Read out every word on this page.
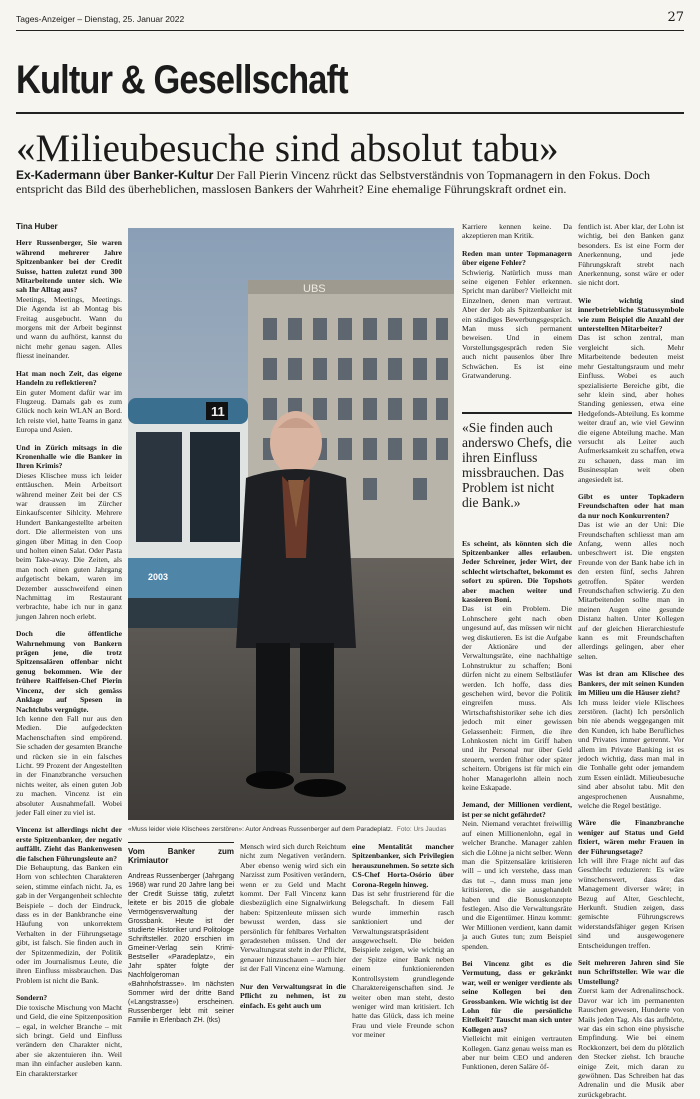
Tages-Anzeiger – Dienstag, 25. Januar 2022	27
Kultur & Gesellschaft
«Milieubesuche sind absolut tabu»
Ex-Kadermann über Banker-Kultur Der Fall Pierin Vincenz rückt das Selbstverständnis von Topmanagern in den Fokus. Doch entspricht das Bild des überheblichen, masslosen Bankers der Wahrheit? Eine ehemalige Führungskraft ordnet ein.
Tina Huber

Herr Russenberger, Sie waren während mehrerer Jahre Spitzenbanker bei der Credit Suisse, hatten zuletzt rund 300 Mitarbeitende unter sich. Wie sah Ihr Alltag aus?

Meetings, Meetings, Meetings. Die Agenda ist ab Montag bis Freitag ausgebucht. Wann du morgens mit der Arbeit beginnst und wann du aufhörst, kannst du nicht mehr genau sagen. Alles fliesst ineinander.

Hat man noch Zeit, das eigene Handeln zu reflektieren?

Ein guter Moment dafür war im Flugzeug. Damals gab es zum Glück noch kein WLAN an Bord. Ich reiste viel, hatte Teams in ganz Europa und Asien.

Und in Zürich mitsags in die Kronenhalle wie die Banker in Ihren Krimis?

Dieses Klischee muss ich leider enttäuschen. Mein Arbeitsort während meiner Zeit bei der CS war draussen im Zürcher Einkaufscenter Sihlcity. Mehrere Hundert Bankangestellte arbeiten dort. Die allermeisten von uns gingen über Mittag in den Coop und holten einen Salat. Oder Pasta beim Take-away. Die Zeiten, als man noch einen guten Jahrgang aufgetischt bekam, waren im Dezember ausschweifend einen Nachmittag im Restaurant verbrachte, habe ich nur in ganz jungen Jahren noch erlebt.

Doch die öffentliche Wahrnehmung von Bankern prägen jene, die trotz Spitzensalären offenbar nicht genug bekommen. Wie der frühere Raiffeisen-Chef Pierin Vincenz, der sich gemäss Anklage auf Spesen in Nachtclubs vergnügte.

Ich kenne den Fall nur aus den Medien. Die aufgedeckten Machenschaften sind empörend. Sie schaden der gesamten Branche und rücken sie in ein falsches Licht. 99 Prozent der Angestellten in der Finanzbranche versuchen nichts weiter, als einen guten Job zu machen. Vincenz ist ein absoluter Ausnahmefall. Wobei jeder Fall einer zu viel ist.

Vincenz ist allerdings nicht der erste Spitzenbanker, der negativ auffällt. Zieht das Bankenwesen die falschen Führungsleute an?

Die Behauptung, das Banken ein Horn von schlechten Charakteren seien, stimme einfach nicht. Ja, es gab in der Vergangenheit schlechte Beispiele – doch der Eindruck, dass es in der Bankbranche eine Häufung von unkorrektem Verhalten in der Führungsetage gibt, ist falsch. Sie finden auch in der Spitzenmedizin, der Politik oder im Journalismus Leute, die ihren Einfluss missbrauchen. Das Problem ist nicht die Bank.

Sondern?

Die toxische Mischung von Macht und Geld, die eine Spitzenposition – egal, in welcher Branche – mit sich bringt. Geld und Einfluss verändern den Charakter nicht, aber sie akzentuieren ihn. Weil man ihn einfacher ausleben kann. Ein charakterstarker

UBS
11
2003
«Muss leider viele Klischees zerstören»: Autor Andreas Russenberger auf dem Paradeplatz. Foto: Urs Jaudas

Karriere kennen keine. Da akzeptieren man Kritik.

Reden man unter Topmanagern über eigene Fehler?

Schwierig. Natürlich muss man seine eigenen Fehler erkennen. Spricht man darüber? Vielleicht mit Einzelnen, denen man vertraut. Aber der Job als Spitzenbanker ist ein ständiges Bewerbungsgespräch. Man muss sich permanent beweisen. Und in einem Vorstellungsgespräch reden Sie auch nicht pausenlos über Ihre Schwächen. Es ist eine Gratwanderung.

Es scheint, als könnten sich die Spitzenbanker alles erlauben. Jeder Schreiner, jeder Wirt, der schlecht wirtschaftet, bekommt es sofort zu spüren. Die Topshots aber machen weiter und kassieren Boni.

Das ist ein Problem. Die Lohnschere geht nach oben ungesund auf, das müssen wir nicht weg diskutieren. Es ist die Aufgabe der Aktionäre und der Verwaltungsräte, eine nachhaltige Lohnstruktur zu schaffen; Boni dürfen nicht zu einem Selbstläufer werden. Ich hoffe, dass dies geschehen wird, bevor die Politik eingreifen muss. Als Wirtschaftshistoriker sehe ich dies jedoch mit einer gewissen Gelassenheit: Firmen, die ihre Lohnkosten nicht im Griff haben und ihr Personal nur über Geld steuern, werden früher oder später scheitern. Übrigens ist für mich ein hoher Managerlohn allein noch keine Eskapade.

Jemand, der Millionen verdient, ist per se nicht gefährdet?

Nein. Niemand verachtet freiwillig auf einen Millionenlohn, egal in welcher Branche. Manager zahlen sich die Löhne ja nicht selber. Wenn man die Spitzensaläre kritisieren will – und ich verstehe, dass man das tut –, dann muss man jene kritisieren, die sie ausgehandelt haben und die Bonuskonzepte festlegen. Also die Verwaltungsräte und die Eigentümer. Hinzu kommt: Wer Millionen verdient, kann damit ja auch Gutes tun; zum Beispiel spenden.

Bei Vincenz gibt es die Vermutung, dass er gekränkt war, weil er weniger verdiente als seine Kollegen bei den Grossbanken. Wie wichtig ist der Lohn für die persönliche Eitelkeit? Tauscht man sich unter Kollegen aus?

Vielleicht mit einigen vertrauten Kollegen. Ganz genau weiss man es aber nur beim CEO und anderen Funktionen, deren Saläre öf-

«Sie finden auch anderswo Chefs, die ihren Einfluss missbrauchen. Das Problem ist nicht die Bank.»

fentlich ist. Aber klar, der Lohn ist wichtig, bei den Banken ganz besonders. Es ist eine Form der Anerkennung, und jede Führungskraft strebt nach Anerkennung, sonst wäre er oder sie nicht dort.

Wie wichtig sind innerbetriebliche Statussymbole wie zum Beispiel die Anzahl der unterstellten Mitarbeiter?

Das ist schon zentral, man vergleicht sich. Mehr Mitarbeitende bedeuten meist mehr Gestaltungsraum und mehr Einfluss. Wobei es auch spezialisierte Bereiche gibt, die sehr klein sind, aber hohes Standing geniessen, etwa eine Hedgefonds-Abteilung. Es komme weiter drauf an, wie viel Gewinn die eigene Abteilung mache. Man versucht als Leiter auch Aufmerksamkeit zu schaffen, etwa zu schauen, dass man im Businessplan weit oben angesiedelt ist.

Gibt es unter Topkadern Freundschaften oder hat man da nur noch Konkurrenten?

Das ist wie an der Uni: Die Freundschaften schliesst man am Anfang, wenn alles noch unbeschwert ist. Die engsten Freunde von der Bank habe ich in den ersten fünf, sechs Jahren getroffen. Später werden Freundschaften schwierig. Zu den Mitarbeitenden sollte man in meinen Augen eine gesunde Distanz halten. Unter Kollegen auf der gleichen Hierarchiestufe kann es mit Freundschaften allerdings gelingen, aber eher selten.

Was ist dran am Klischee des Bankers, der mit seinen Kunden im Milieu um die Häuser zieht?

Ich muss leider viele Klischees zerstören. (lacht) Ich persönlich bin nie abends weggegangen mit den Kunden, ich habe Berufliches und Privates immer getrennt. Vor allem im Private Banking ist es jedoch wichtig, dass man mal in die Tonhalle geht oder jemandem zum Essen einlädt. Milieubesuche sind aber absolut tabu. Mit den angesprochenen Ausnahme, welche die Regel bestätige.

Wäre die Finanzbranche weniger auf Status und Geld fixiert, wären mehr Frauen in der Führungsetage?

Ich will ihre Frage nicht auf das Geschlecht reduzieren: Es wäre wünschenswert, dass das Management diverser wäre; in Bezug auf Alter, Geschlecht, Herkunft. Studien zeigen, dass gemischte Führungscrews widerstandsfähiger gegen Krisen sind und ausgewogenere Entscheidungen treffen.

Seit mehreren Jahren sind Sie nun Schriftsteller. Wie war die Umstellung?

Zuerst kam der Adrenalinschock. Davor war ich im permanenten Rauschen gewesen, Hunderte von Mails jeden Tag. Als das aufhörte, war das ein schon eine physische Empfindung. Wie bei einem Rockkonzert, bei dem du plötzlich den Stecker ziehst. Ich brauche einige Zeit, mich daran zu gewöhnen. Das Schreiben hat das Adrenalin und die Musik aber zurückgebracht.

Vom Banker zum Krimiautor

Andreas Russenberger (Jahrgang 1968) war rund 20 Jahre lang bei der Credit Suisse tätig, zuletzt leitete er bis 2015 die globale Vermögensverwaltung der Grossbank. Heute ist der studierte Historiker und Politologe Schriftsteller. 2020 erschien im Gmeiner-Verlag sein Krimi-Bestseller «Paradeplatz», ein Jahr später folgte der Nachfolgeroman «Bahnhofstrasse». Im nächsten Sommer wird der dritte Band («Langstrasse») erscheinen. Russenberger lebt mit seiner Familie in Erlenbach ZH. (tks)

Mensch wird sich durch Reichtum nicht zum Negativen verändern. Aber ebenso wenig wird sich ein Narzisst zum Positiven verändern, wenn er zu Geld und Macht kommt. Der Fall Vincenz kann diesbezüglich eine Signalwirkung haben: Spitzenleute müssen sich bewusst werden, dass sie persönlich für fehlbares Verhalten geradestehen müssen. Und der Verwaltungsrat steht in der Pflicht, genauer hinzuschauen – auch hier ist der Fall Vincenz eine Warnung.

Nur den Verwaltungsrat in die Pflicht zu nehmen, ist zu einfach. Es geht auch um

eine Mentalität mancher Spitzenbanker, sich Privilegien herauszunehmen. So setzte sich CS-Chef Horta-Osório über Corona-Regeln hinweg.

Das ist sehr frustrierend für die Belegschaft. In diesem Fall wurde immerhin rasch sanktioniert und der Verwaltungsratspräsident ausgewechselt. Die beiden Beispiele zeigen, wie wichtig an der Spitze einer Bank neben einem funktionierenden Kontrollsystem grundlegende Charaktereigenschaften sind. Je weiter oben man steht, desto weniger wird man kritisiert. Ich hatte das Glück, dass ich meine Frau und viele Freunde schon vor meiner
